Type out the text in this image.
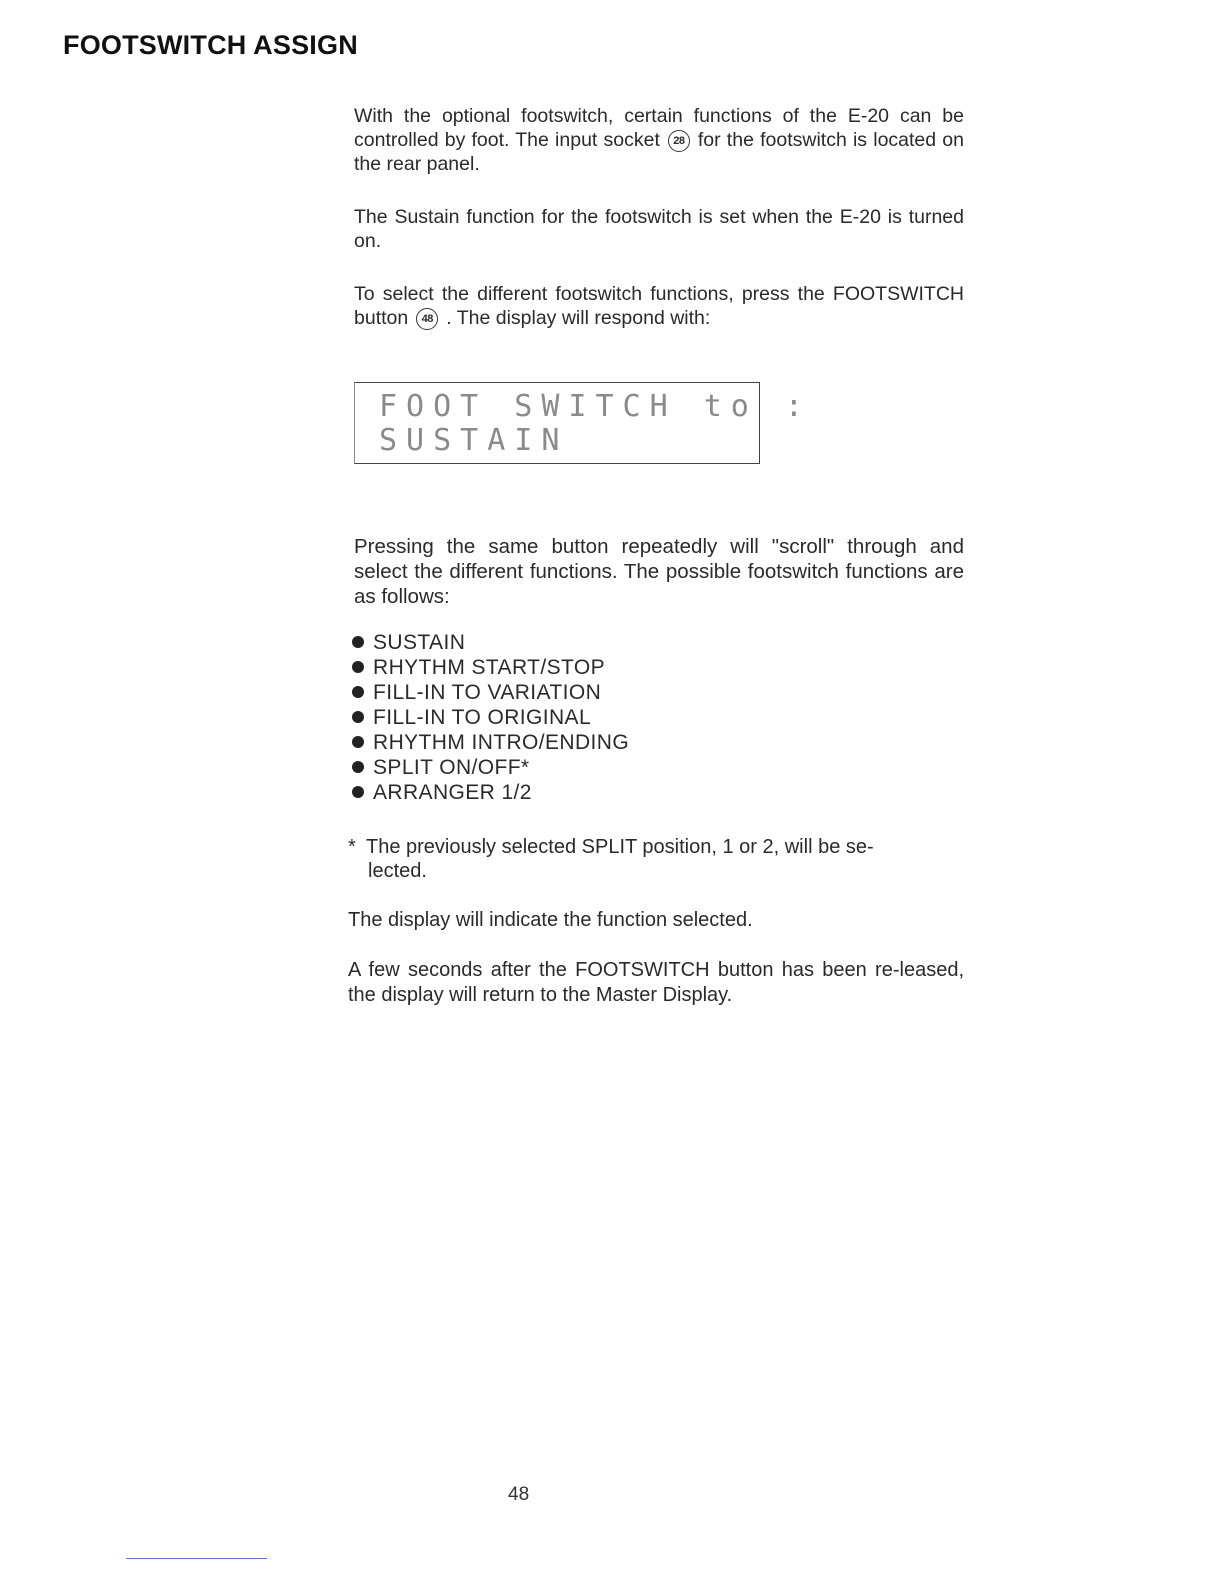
FOOTSWITCH ASSIGN

With the optional footswitch, certain functions of the E-20 can be controlled by foot. The input socket 28 for the footswitch is located on the rear panel.

The Sustain function for the footswitch is set when the E-20 is turned on.

To select the different footswitch functions, press the FOOTSWITCH button 48 . The display will respond with:

FOOT SWITCH to :
SUSTAIN

Pressing the same button repeatedly will "scroll" through and select the different functions. The possible footswitch functions are as follows:

SUSTAIN
RHYTHM START/STOP
FILL-IN TO VARIATION
FILL-IN TO ORIGINAL
RHYTHM INTRO/ENDING
SPLIT ON/OFF*
ARRANGER 1/2
* The previously selected SPLIT position, 1 or 2, will be se-
lected.

The display will indicate the function selected.

A few seconds after the FOOTSWITCH button has been re-leased, the display will return to the Master Display.

48
